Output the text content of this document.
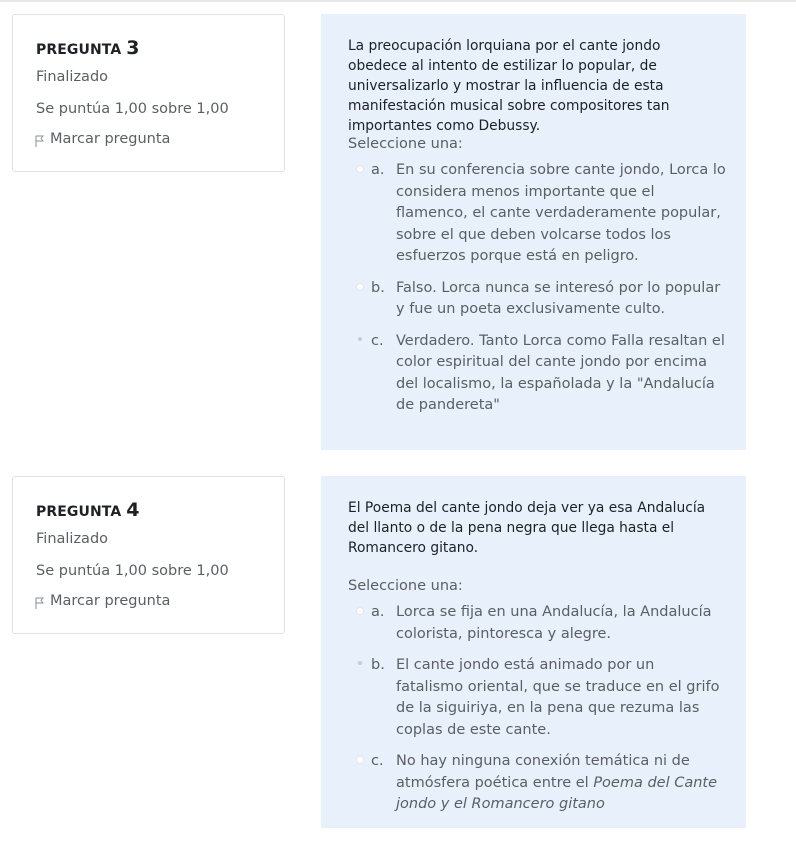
PREGUNTA 3
Finalizado
Se puntúa 1,00 sobre 1,00
Marcar pregunta
La preocupación lorquiana por el cante jondo obedece al intento de estilizar lo popular, de universalizarlo y mostrar la influencia de esta manifestación musical sobre compositores tan importantes como Debussy.
Seleccione una:
a. En su conferencia sobre cante jondo, Lorca lo considera menos importante que el flamenco, el cante verdaderamente popular, sobre el que deben volcarse todos los esfuerzos porque está en peligro.
b. Falso. Lorca nunca se interesó por lo popular y fue un poeta exclusivamente culto.
c. Verdadero. Tanto Lorca como Falla resaltan el color espiritual del cante jondo por encima del localismo, la españolada y la "Andalucía de pandereta"
PREGUNTA 4
Finalizado
Se puntúa 1,00 sobre 1,00
Marcar pregunta
El Poema del cante jondo deja ver ya esa Andalucía del llanto o de la pena negra que llega hasta el Romancero gitano.
Seleccione una:
a. Lorca se fija en una Andalucía, la Andalucía colorista, pintoresca y alegre.
b. El cante jondo está animado por un fatalismo oriental, que se traduce en el grifo de la siguiriya, en la pena que rezuma las coplas de este cante.
c. No hay ninguna conexión temática ni de atmósfera poética entre el Poema del Cante jondo y el Romancero gitano
